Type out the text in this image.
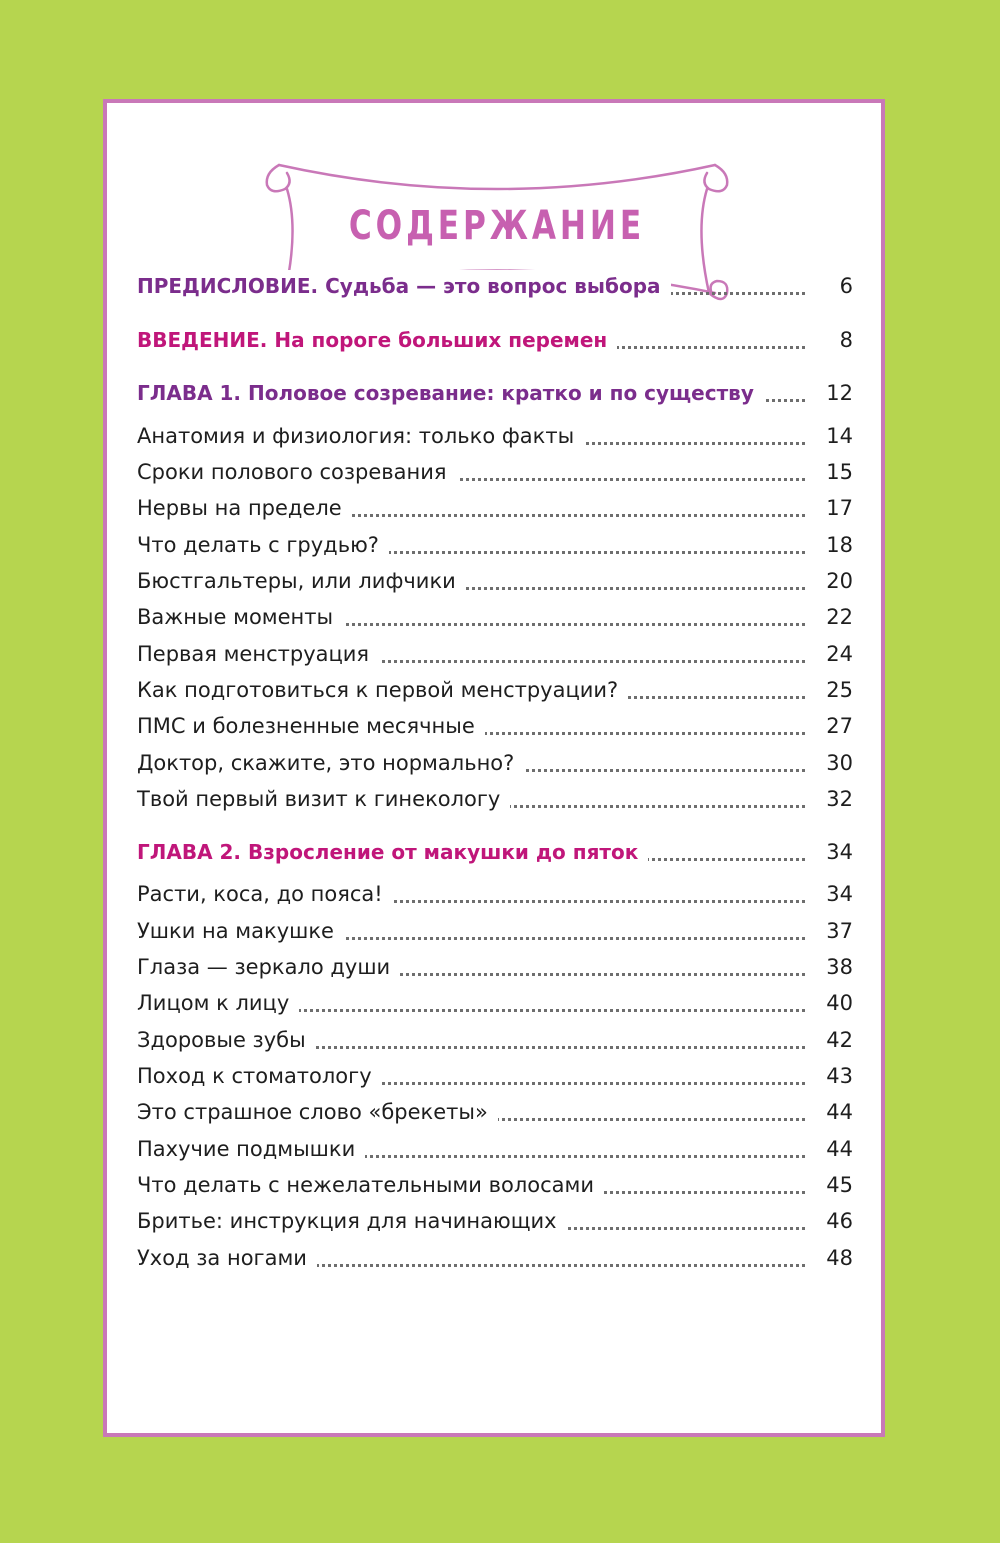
СОДЕРЖАНИЕ
ПРЕДИСЛОВИЕ. Судьба — это вопрос выбора	6
ВВЕДЕНИЕ. На пороге больших перемен	8
ГЛАВА 1. Половое созревание: кратко и по существу	12
Анатомия и физиология: только факты	14
Сроки полового созревания	15
Нервы на пределе	17
Что делать с грудью?	18
Бюстгальтеры, или лифчики	20
Важные моменты	22
Первая менструация	24
Как подготовиться к первой менструации?	25
ПМС и болезненные месячные	27
Доктор, скажите, это нормально?	30
Твой первый визит к гинекологу	32
ГЛАВА 2. Взросление от макушки до пяток	34
Расти, коса, до пояса!	34
Ушки на макушке	37
Глаза — зеркало души	38
Лицом к лицу	40
Здоровые зубы	42
Поход к стоматологу	43
Это страшное слово «брекеты»	44
Пахучие подмышки	44
Что делать с нежелательными волосами	45
Бритье: инструкция для начинающих	46
Уход за ногами	48
